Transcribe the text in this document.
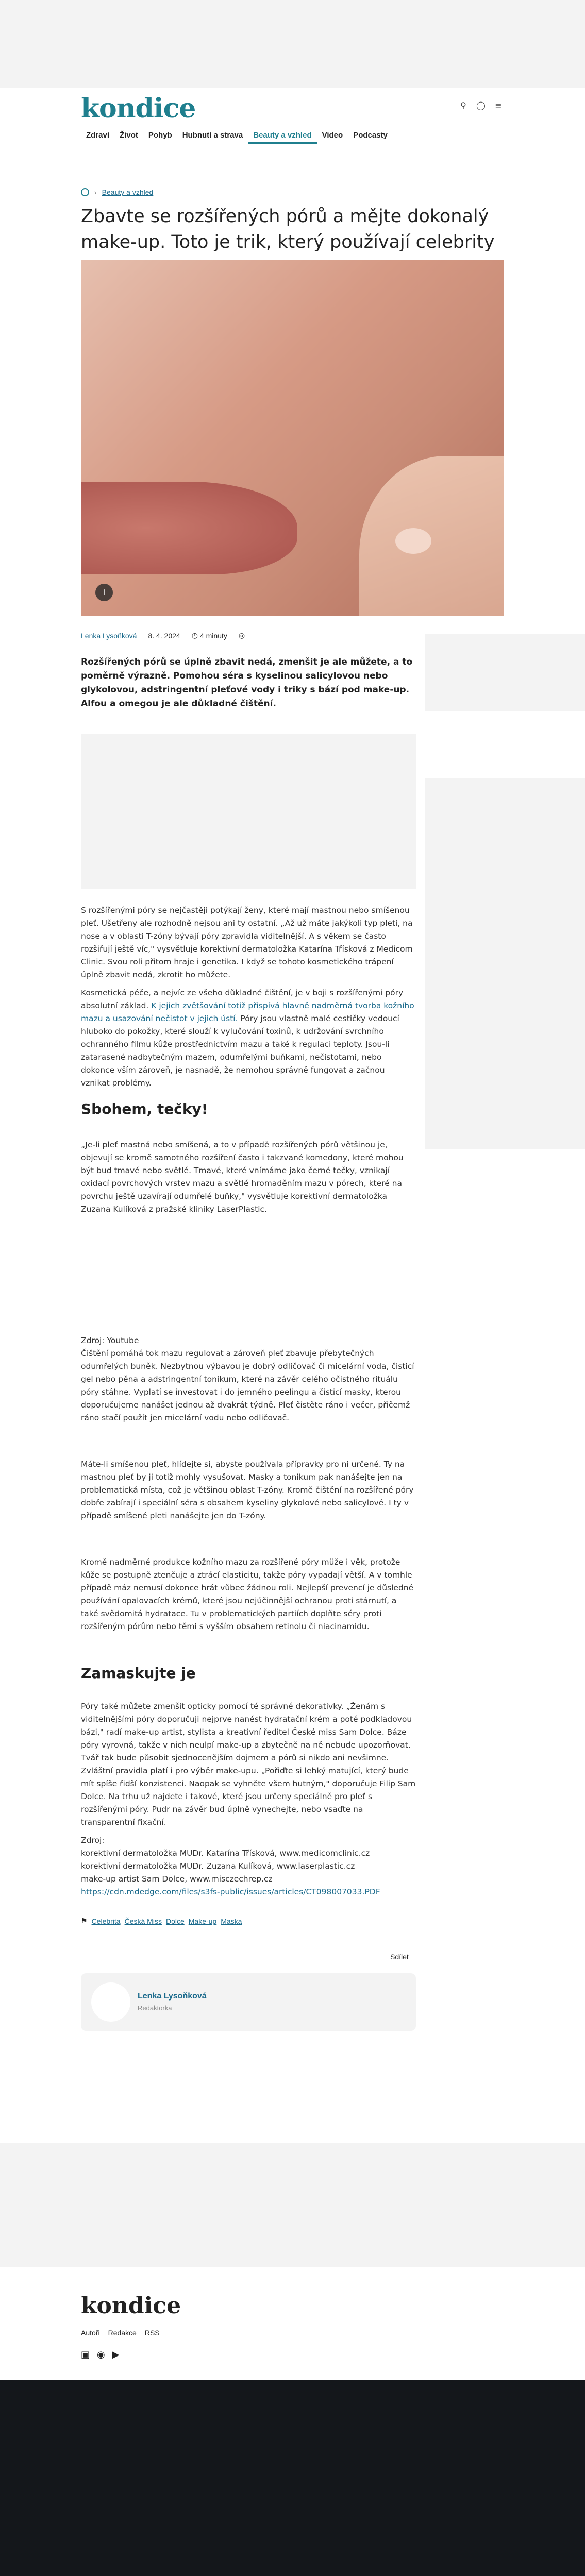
kondice	⚲ ◯ ≡
Zdraví	Život	Pohyb	Hubnutí a strava	Beauty a vzhled	Video	Podcasty
› Beauty a vzhled
Zbavte se rozšířených pórů a mějte dokonalý make-up. Toto je trik, který používají celebrity
i
Lenka Lysoňková 8. 4. 2024 ◷ 4 minuty ◎

Rozšířených pórů se úplně zbavit nedá, zmenšit je ale můžete, a to poměrně výrazně. Pomohou séra s kyselinou salicylovou nebo glykolovou, adstringentní pleťové vody i triky s bází pod make-up. Alfou a omegou je ale důkladné čištění.

S rozšířenými póry se nejčastěji potýkají ženy, které mají mastnou nebo smíšenou pleť. Ušetřeny ale rozhodně nejsou ani ty ostatní. „Až už máte jakýkoli typ pleti, na nose a v oblasti T-zóny bývají póry zpravidla viditelnější. A s věkem se často rozšiřují ještě víc," vysvětluje korektivní dermatoložka Katarína Třísková z Medicom Clinic. Svou roli přitom hraje i genetika. I když se tohoto kosmetického trápení úplně zbavit nedá, zkrotit ho můžete.

Kosmetická péče, a nejvíc ze všeho důkladné čištění, je v boji s rozšířenými póry absolutní základ. K jejich zvětšování totiž přispívá hlavně nadměrná tvorba kožního mazu a usazování nečistot v jejich ústí. Póry jsou vlastně malé cestičky vedoucí hluboko do pokožky, které slouží k vylučování toxinů, k udržování svrchního ochranného filmu kůže prostřednictvím mazu a také k regulaci teploty. Jsou-li zatarasené nadbytečným mazem, odumřelými buňkami, nečistotami, nebo dokonce vším zároveň, je nasnadě, že nemohou správně fungovat a začnou vznikat problémy.

Sbohem, tečky!

„Je-li pleť mastná nebo smíšená, a to v případě rozšířených pórů většinou je, objevují se kromě samotného rozšíření často i takzvané komedony, které mohou být bud tmavé nebo světlé. Tmavé, které vnímáme jako černé tečky, vznikají oxidací povrchových vrstev mazu a světlé hromaděním mazu v pórech, které na povrchu ještě uzavírají odumřelé buňky," vysvětluje korektivní dermatoložka Zuzana Kulíková z pražské kliniky LaserPlastic.

Zdroj: Youtube

Čištění pomáhá tok mazu regulovat a zároveň pleť zbavuje přebytečných odumřelých buněk. Nezbytnou výbavou je dobrý odličovač či micelární voda, čisticí gel nebo pěna a adstringentní tonikum, které na závěr celého očistného rituálu póry stáhne. Vyplatí se investovat i do jemného peelingu a čisticí masky, kterou doporučujeme nanášet jednou až dvakrát týdně. Pleť čistěte ráno i večer, přičemž ráno stačí použít jen micelární vodu nebo odličovač.

Máte-li smíšenou pleť, hlídejte si, abyste používala přípravky pro ni určené. Ty na mastnou pleť by ji totiž mohly vysušovat. Masky a tonikum pak nanášejte jen na problematická místa, což je většinou oblast T-zóny. Kromě čištění na rozšířené póry dobře zabírají i speciální séra s obsahem kyseliny glykolové nebo salicylové. I ty v případě smíšené pleti nanášejte jen do T-zóny.

Kromě nadměrné produkce kožního mazu za rozšířené póry může i věk, protože kůže se postupně ztenčuje a ztrácí elasticitu, takže póry vypadají větší. A v tomhle případě máz nemusí dokonce hrát vůbec žádnou roli. Nejlepší prevencí je důsledné používání opalovacích krémů, které jsou nejúčinnější ochranou proti stárnutí, a také svědomitá hydratace. Tu v problematických partiích doplňte séry proti rozšířeným pórům nebo těmi s vyšším obsahem retinolu či niacinamidu.

Zamaskujte je

Póry také můžete zmenšit opticky pomocí té správné dekorativky. „Ženám s viditelnějšími póry doporučuji nejprve nanést hydratační krém a poté podkladovou bázi," radí make-up artist, stylista a kreativní ředitel České miss Sam Dolce. Báze póry vyrovná, takže v nich neulpí make-up a zbytečně na ně nebude upozorňovat. Tvář tak bude působit sjednocenějším dojmem a pórů si nikdo ani nevšimne. Zvláštní pravidla platí i pro výběr make-upu. „Pořiďte si lehký matující, který bude mít spíše řidší konzistenci. Naopak se vyhněte všem hutným," doporučuje Filip Sam Dolce. Na trhu už najdete i takové, které jsou určeny speciálně pro pleť s rozšířenými póry. Pudr na závěr bud úplně vynechejte, nebo vsaďte na transparentní fixační.

Zdroj:
korektivní dermatoložka MUDr. Katarína Třísková, www.medicomclinic.cz
korektivní dermatoložka MUDr. Zuzana Kulíková, www.laserplastic.cz
make-up artist Sam Dolce, www.misczechrep.cz
https://cdn.mdedge.com/files/s3fs-public/issues/articles/CT098007033.PDF
⚑ Celebrita Česká Miss Dolce Make-up Maska
Sdílet
Lenka Lysoňková
Redaktorka
kondice
Autoři Redakce RSS
▣ ◉ ▶
